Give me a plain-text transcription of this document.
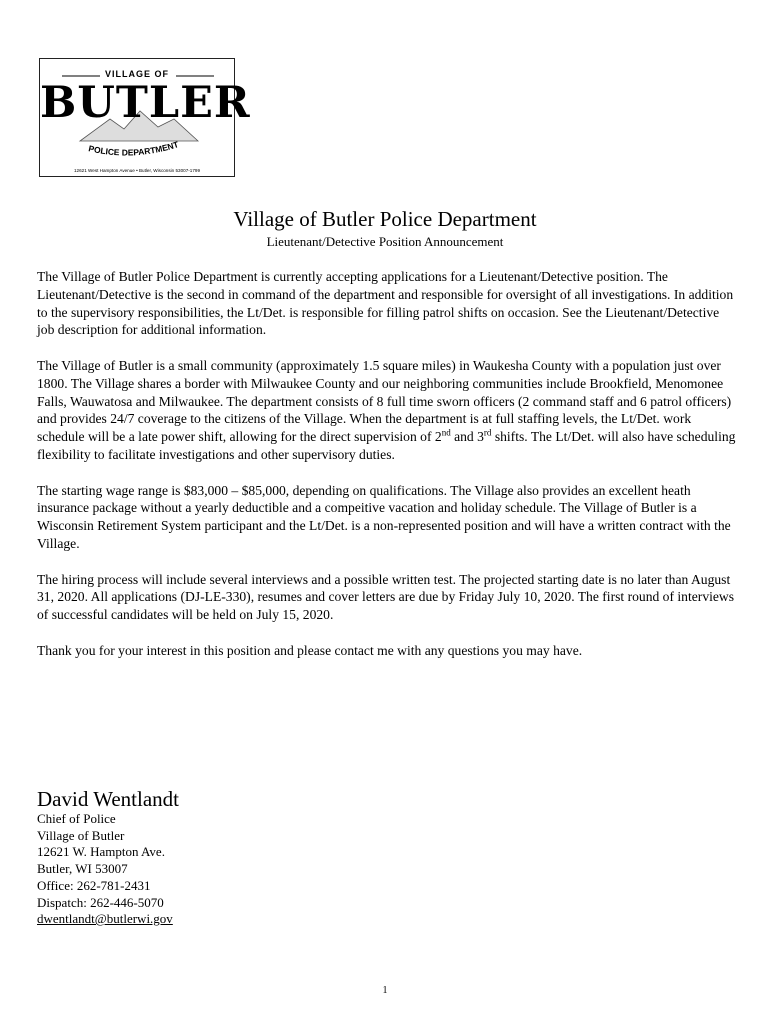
POLICE DEPARTMENT
VILLAGE OF
BUTLER
12621 West Hampton Avenue • Butler, Wisconsin 53007-1799
Village of Butler Police Department
Lieutenant/Detective Position Announcement

The Village of Butler Police Department is currently accepting applications for a Lieutenant/Detective position. The Lieutenant/Detective is the second in command of the department and responsible for oversight of all investigations. In addition to the supervisory responsibilities, the Lt/Det. is responsible for filling patrol shifts on occasion. See the Lieutenant/Detective job description for additional information.

The Village of Butler is a small community (approximately 1.5 square miles) in Waukesha County with a population just over 1800. The Village shares a border with Milwaukee County and our neighboring communities include Brookfield, Menomonee Falls, Wauwatosa and Milwaukee. The department consists of 8 full time sworn officers (2 command staff and 6 patrol officers) and provides 24/7 coverage to the citizens of the Village. When the department is at full staffing levels, the Lt/Det. work schedule will be a late power shift, allowing for the direct supervision of 2nd and 3rd shifts. The Lt/Det. will also have scheduling flexibility to facilitate investigations and other supervisory duties.

The starting wage range is $83,000 – $85,000, depending on qualifications. The Village also provides an excellent heath insurance package without a yearly deductible and a compeitive vacation and holiday schedule. The Village of Butler is a Wisconsin Retirement System participant and the Lt/Det. is a non-represented position and will have a written contract with the Village.

The hiring process will include several interviews and a possible written test. The projected starting date is no later than August 31, 2020. All applications (DJ-LE-330), resumes and cover letters are due by Friday July 10, 2020. The first round of interviews of successful candidates will be held on July 15, 2020.

Thank you for your interest in this position and please contact me with any questions you may have.

David Wentlandt
Chief of Police
Village of Butler
12621 W. Hampton Ave.
Butler, WI 53007
Office: 262-781-2431
Dispatch: 262-446-5070
dwentlandt@butlerwi.gov
1
